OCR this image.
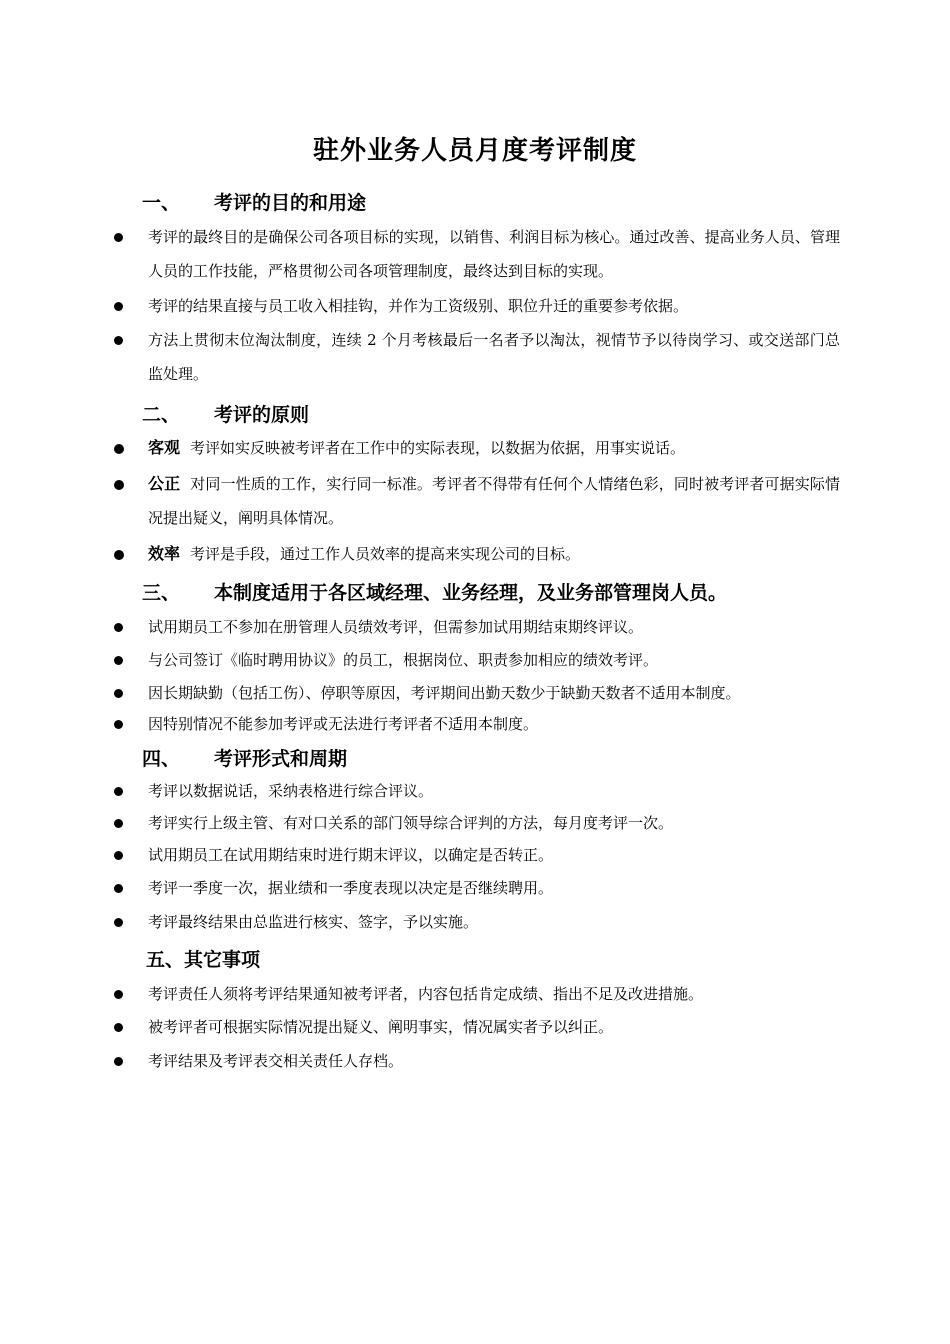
驻外业务人员月度考评制度
一、 考评的目的和用途
考评的最终目的是确保公司各项目标的实现，以销售、利润目标为核心。通过改善、提高业务人员、管理人员的工作技能，严格贯彻公司各项管理制度，最终达到目标的实现。
考评的结果直接与员工收入相挂钩，并作为工资级别、职位升迁的重要参考依据。
方法上贯彻末位淘汰制度，连续 2 个月考核最后一名者予以淘汰，视情节予以待岗学习、或交送部门总监处理。
二、 考评的原则
客观 考评如实反映被考评者在工作中的实际表现，以数据为依据，用事实说话。
公正 对同一性质的工作，实行同一标准。考评者不得带有任何个人情绪色彩，同时被考评者可据实际情况提出疑义，阐明具体情况。
效率 考评是手段，通过工作人员效率的提高来实现公司的目标。
三、 本制度适用于各区域经理、业务经理，及业务部管理岗人员。
试用期员工不参加在册管理人员绩效考评，但需参加试用期结束期终评议。
与公司签订《临时聘用协议》的员工，根据岗位、职责参加相应的绩效考评。
因长期缺勤（包括工伤）、停职等原因，考评期间出勤天数少于缺勤天数者不适用本制度。
因特别情况不能参加考评或无法进行考评者不适用本制度。
四、 考评形式和周期
考评以数据说话，采纳表格进行综合评议。
考评实行上级主管、有对口关系的部门领导综合评判的方法，每月度考评一次。
试用期员工在试用期结束时进行期末评议，以确定是否转正。
考评一季度一次，据业绩和一季度表现以决定是否继续聘用。
考评最终结果由总监进行核实、签字，予以实施。
五、其它事项
考评责任人须将考评结果通知被考评者，内容包括肯定成绩、指出不足及改进措施。
被考评者可根据实际情况提出疑义、阐明事实，情况属实者予以纠正。
考评结果及考评表交相关责任人存档。
